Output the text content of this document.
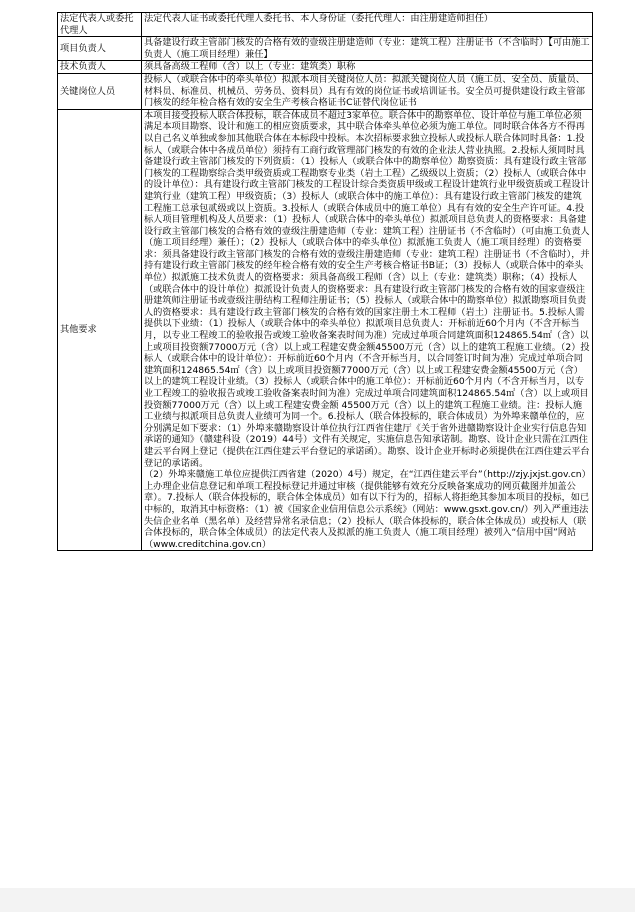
法定代表人或委托代理人	法定代表人证书或委托代理人委托书、本人身份证（委托代理人：由注册建造师担任）
项目负责人	具备建设行政主管部门核发的合格有效的壹级注册建造师（专业：建筑工程）注册证书（不含临时）【可由施工负责人（施工项目经理）兼任】
技术负责人	须具备高级工程师（含）以上（专业：建筑类）职称
关键岗位人员	投标人（或联合体中的牵头单位）拟派本项目关键岗位人员：拟派关键岗位人员（施工员、安全员、质量员、材料员、标准员、机械员、劳务员、资料员）具有有效的岗位证书或培训证书。安全员可提供建设行政主管部门核发的经年检合格有效的安全生产考核合格证书C证替代岗位证书
其他要求	本项目接受投标人联合体投标，联合体成员不超过3家单位。联合体中的勘察单位、设计单位与施工单位必须满足本项目勘察、设计和施工的相应资质要求，其中联合体牵头单位必须为施工单位。同时联合体各方不得再以自己名义单独或参加其他联合体在本标段中投标。本次招标要求独立投标人或投标人联合体同时具备：1.投标人（或联合体中各成员单位）须持有工商行政管理部门核发的有效的企业法人营业执照。2.投标人须同时具备建设行政主管部门核发的下列资质：（1）投标人（或联合体中的勘察单位）勘察资质：具有建设行政主管部门核发的工程勘察综合类甲级资质或工程勘察专业类（岩土工程）乙级级以上资质；（2）投标人（或联合体中的设计单位）：具有建设行政主管部门核发的工程设计综合类资质甲级或工程设计建筑行业甲级资质或工程设计建筑行业（建筑工程）甲级资质；（3）投标人（或联合体中的施工单位）：具有建设行政主管部门核发的建筑工程施工总承包贰级或以上资质。3.投标人（或联合体成员中的施工单位）具有有效的安全生产许可证。4.投标人项目管理机构及人员要求：（1）投标人（或联合体中的牵头单位）拟派项目总负责人的资格要求：具备建设行政主管部门核发的合格有效的壹级注册建造师（专业：建筑工程）注册证书（不含临时）（可由施工负责人（施工项目经理）兼任）；（2）投标人（或联合体中的牵头单位）拟派施工负责人（施工项目经理）的资格要求：须具备建设行政主管部门核发的合格有效的壹级注册建造师（专业：建筑工程）注册证书（不含临时），并持有建设行政主管部门核发的经年检合格有效的安全生产考核合格证书B证；（3）投标人（或联合体中的牵头单位）拟派施工技术负责人的资格要求：须具备高级工程师（含）以上（专业：建筑类）职称；（4）投标人（或联合体中的设计单位）拟派设计负责人的资格要求：具有建设行政主管部门核发的合格有效的国家壹级注册建筑师注册证书或壹级注册结构工程师注册证书；（5）投标人（或联合体中的勘察单位）拟派勘察项目负责人的资格要求：具有建设行政主管部门核发的合格有效的国家注册土木工程师（岩土）注册证书。5.投标人需提供以下业绩：（1）投标人（或联合体中的牵头单位）拟派项目总负责人：开标前近60个月内（不含开标当月，以专业工程竣工的验收报告或竣工验收备案表时间为准）完成过单项合同建筑面积124865.54㎡（含）以上或项目投资额77000万元（含）以上或工程建安费金额45500万元（含）以上的建筑工程施工业绩。（2）投标人（或联合体中的设计单位）：开标前近60个月内（不含开标当月，以合同签订时间为准）完成过单项合同建筑面积124865.54㎡（含）以上或项目投资额77000万元（含）以上或工程建安费金额45500万元（含）以上的建筑工程设计业绩。（3）投标人（或联合体中的施工单位）：开标前近60个月内（不含开标当月，以专业工程竣工的验收报告或竣工验收备案表时间为准）完成过单项合同建筑面积124865.54㎡（含）以上或项目投资额77000万元（含）以上或工程建安费金额 45500万元（含）以上的建筑工程施工业绩。注：投标人施工业绩与拟派项目总负责人业绩可为同一个。6.投标人（联合体投标的，联合体成员）为外埠来赣单位的，应分别满足如下要求：（1）外埠来赣勘察设计单位执行江西省住建厅《关于省外进赣勘察设计企业实行信息告知承诺的通知》（赣建科设（2019）44号）文件有关规定，实施信息告知承诺制。勘察、设计企业只需在江西住建云平台网上登记（提供在江西住建云平台登记的承诺函）。勘察、设计企业开标时必须提供在江西住建云平台登记的承诺函。
（2）外埠来赣施工单位应提供江西省建（2020）4号）规定，在“江西住建云平台”（http://zjy.jxjst.gov.cn）上办理企业信息登记和单项工程投标登记并通过审核（提供能够有效充分反映备案成功的网页截图并加盖公章）。7.投标人（联合体投标的，联合体全体成员）如有以下行为的，招标人将拒绝其参加本项目的投标，如已中标的，取消其中标资格：（1）被《国家企业信用信息公示系统》（网站：www.gsxt.gov.cn/）列入严重违法失信企业名单（黑名单）及经营异常名录信息；（2）投标人（联合体投标的，联合体全体成员）或投标人（联合体投标的，联合体全体成员）的法定代表人及拟派的施工负责人（施工项目经理）被列入“信用中国”网站（www.creditchina.gov.cn）
